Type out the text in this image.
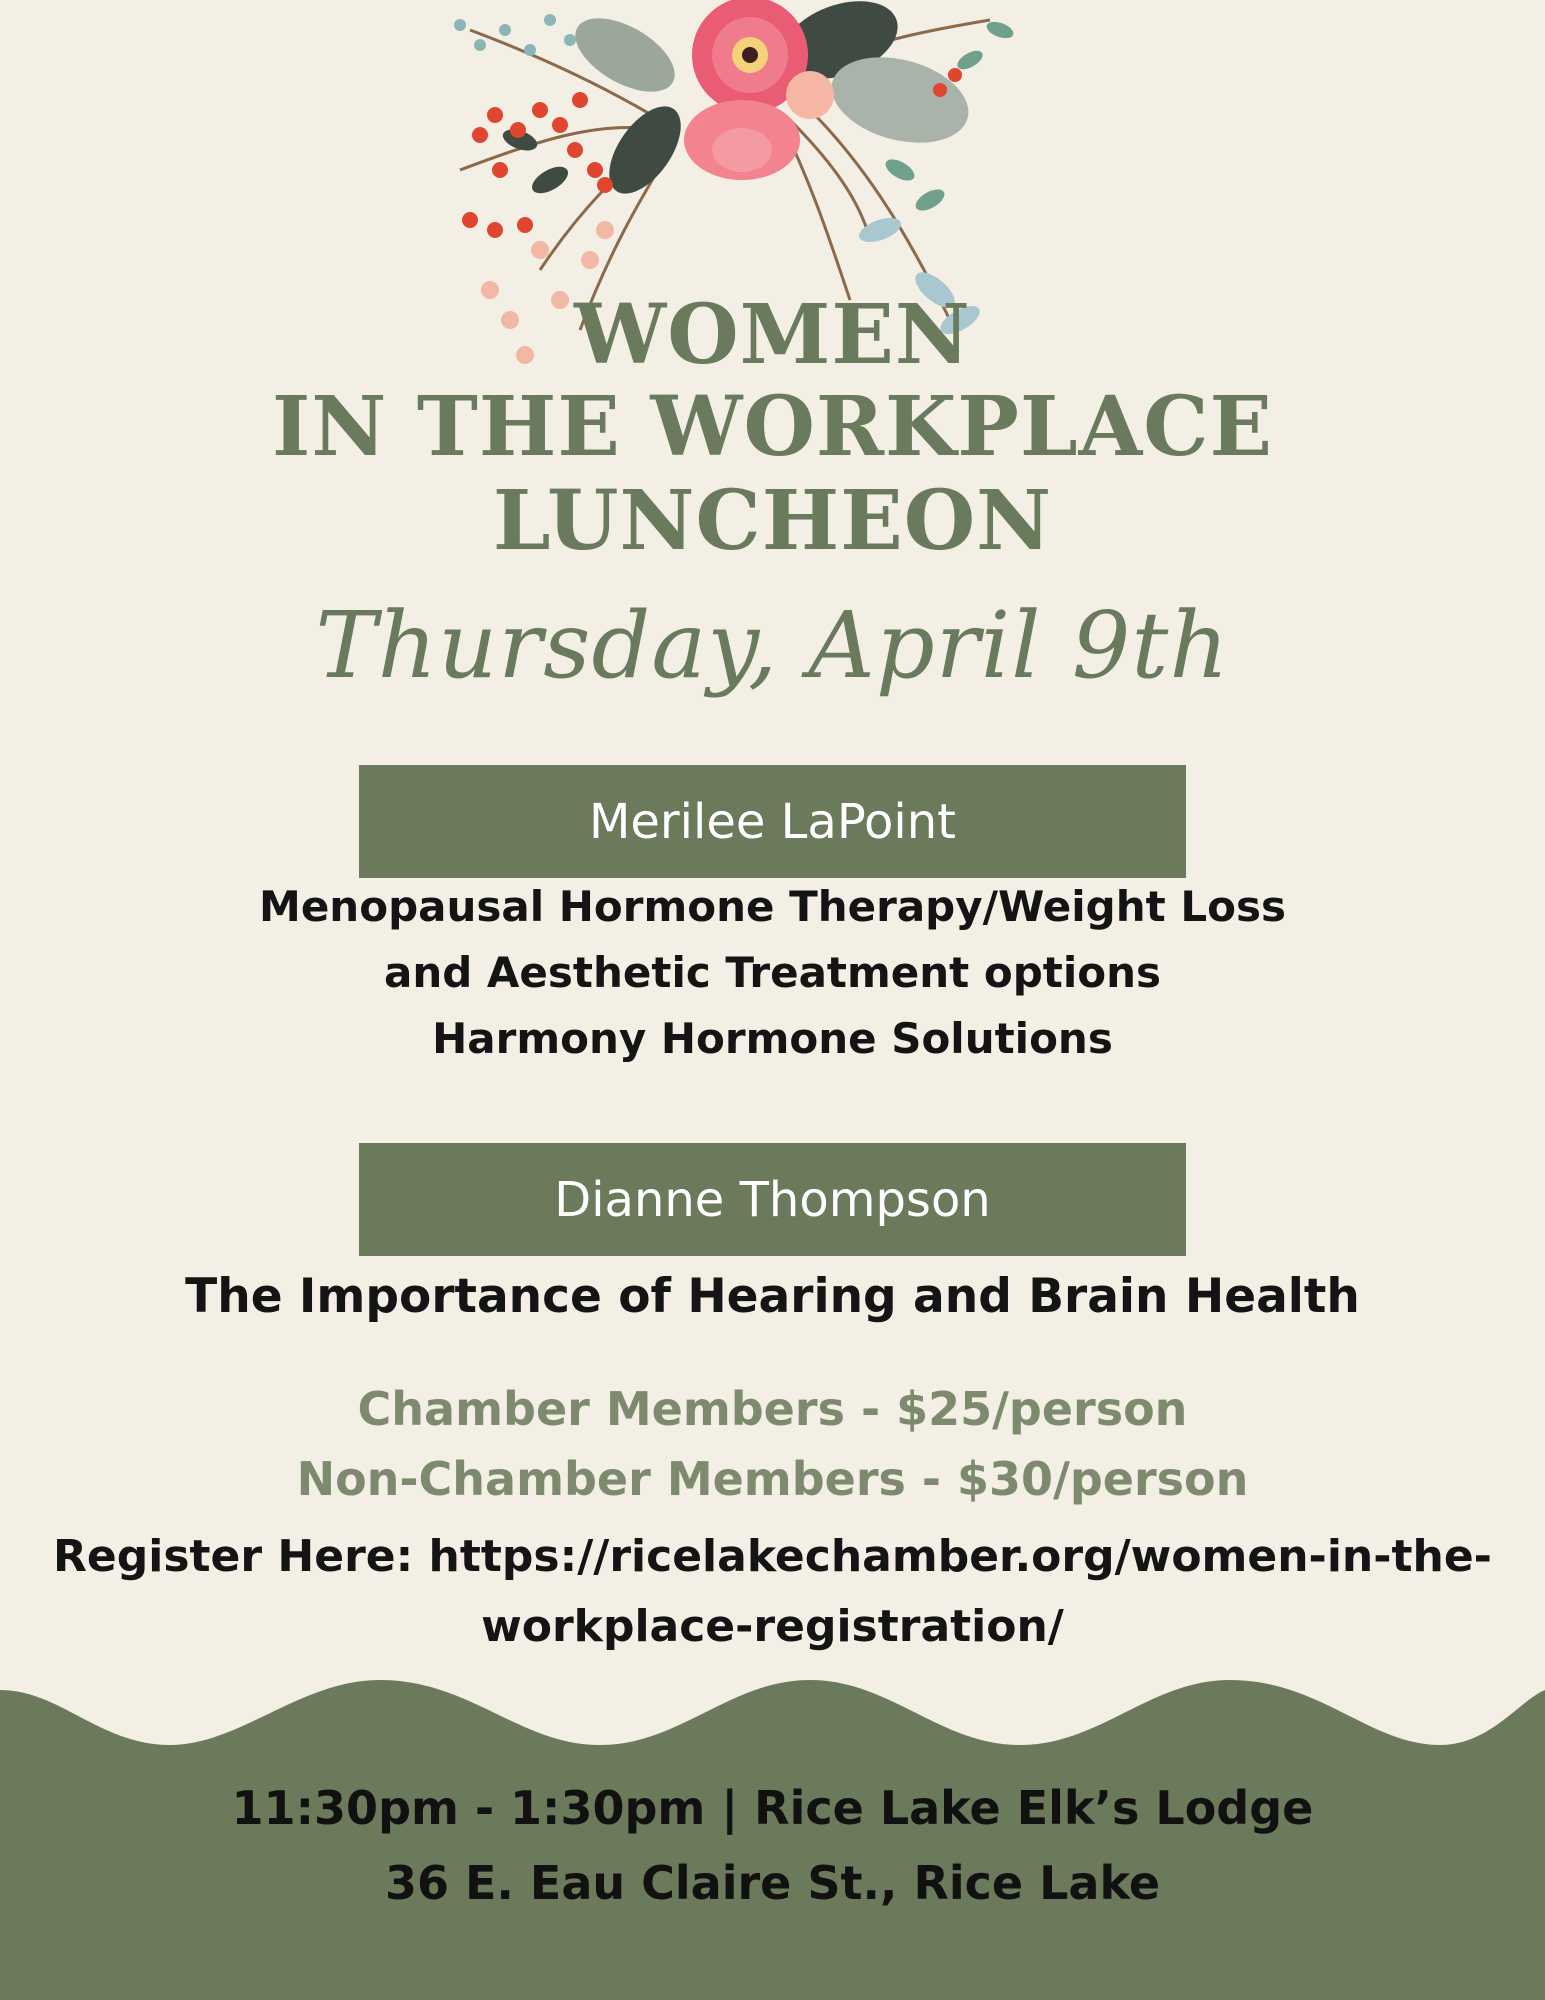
WOMEN
IN THE WORKPLACE
LUNCHEON
Thursday, April 9th
Merilee LaPoint
Menopausal Hormone Therapy/Weight Loss
and Aesthetic Treatment options
Harmony Hormone Solutions
Dianne Thompson
The Importance of Hearing and Brain Health
Chamber Members - $25/person
Non-Chamber Members - $30/person
Register Here: https://ricelakechamber.org/women-in-the-
workplace-registration/
11:30pm - 1:30pm | Rice Lake Elk’s Lodge
36 E. Eau Claire St., Rice Lake
